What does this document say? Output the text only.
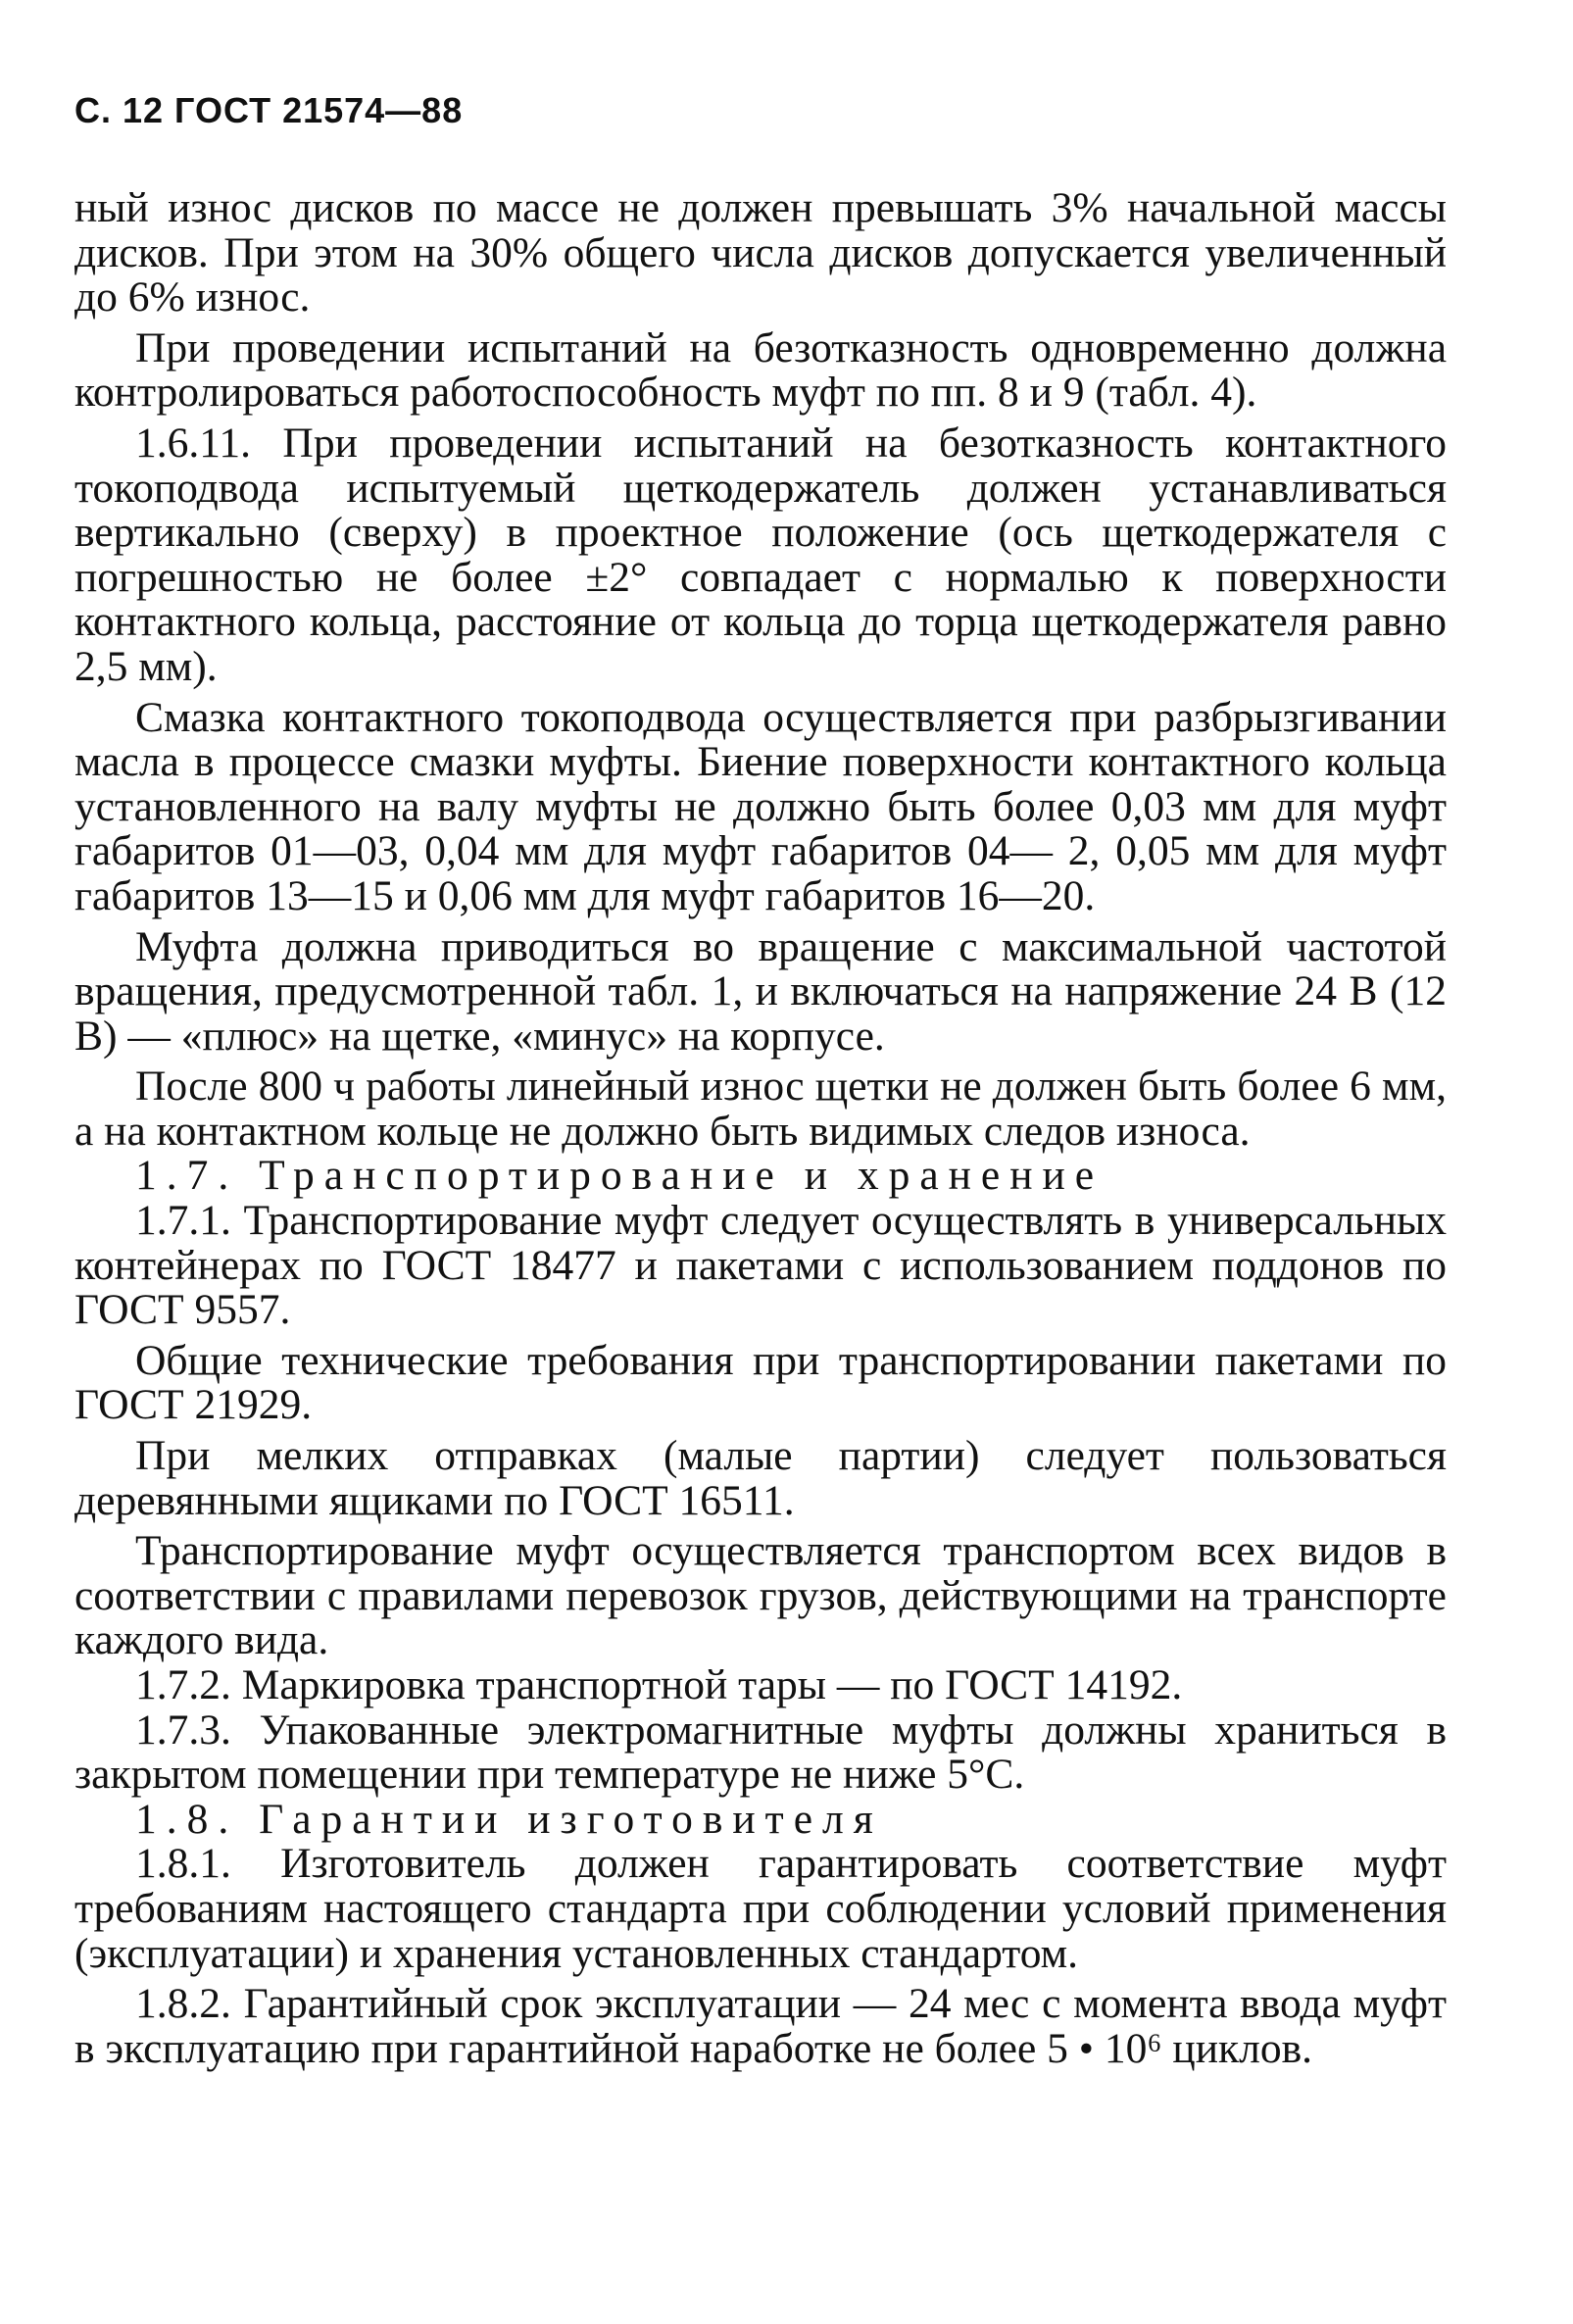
С. 12 ГОСТ 21574—88

ный износ дисков по массе не должен превышать 3% начальной массы дисков. При этом на 30% общего числа дисков допускается увеличенный до 6% износ.

При проведении испытаний на безотказность одновременно должна контролироваться работоспособность муфт по пп. 8 и 9 (табл. 4).

1.6.11. При проведении испытаний на безотказность контактного токоподвода испытуемый щеткодержатель должен устанавливаться вертикально (сверху) в проектное положение (ось щеткодержателя с погрешностью не более ±2° совпадает с нормалью к поверхности контактного кольца, расстояние от кольца до торца щеткодержателя равно 2,5 мм).

Смазка контактного токоподвода осуществляется при разбрызгивании масла в процессе смазки муфты. Биение поверхности контактного кольца установленного на валу муфты не должно быть более 0,03 мм для муфт габаритов 01—03, 0,04 мм для муфт габаритов 04— 2, 0,05 мм для муфт габаритов 13—15 и 0,06 мм для муфт габаритов 16—20.

Муфта должна приводиться во вращение с максимальной частотой вращения, предусмотренной табл. 1, и включаться на напряжение 24 В (12 В) — «плюс» на щетке, «минус» на корпусе.

После 800 ч работы линейный износ щетки не должен быть более 6 мм, а на контактном кольце не должно быть видимых следов износа.

1.7. Транспортирование и хранение

1.7.1. Транспортирование муфт следует осуществлять в универсальных контейнерах по ГОСТ 18477 и пакетами с использованием поддонов по ГОСТ 9557.

Общие технические требования при транспортировании пакетами по ГОСТ 21929.

При мелких отправках (малые партии) следует пользоваться деревянными ящиками по ГОСТ 16511.

Транспортирование муфт осуществляется транспортом всех видов в соответствии с правилами перевозок грузов, действующими на транспорте каждого вида.

1.7.2. Маркировка транспортной тары — по ГОСТ 14192.

1.7.3. Упакованные электромагнитные муфты должны храниться в закрытом помещении при температуре не ниже 5°С.

1.8. Гарантии изготовителя

1.8.1. Изготовитель должен гарантировать соответствие муфт требованиям настоящего стандарта при соблюдении условий применения (эксплуатации) и хранения установленных стандартом.

1.8.2. Гарантийный срок эксплуатации — 24 мес с момента ввода муфт в эксплуатацию при гарантийной наработке не более 5 • 10⁶ циклов.
